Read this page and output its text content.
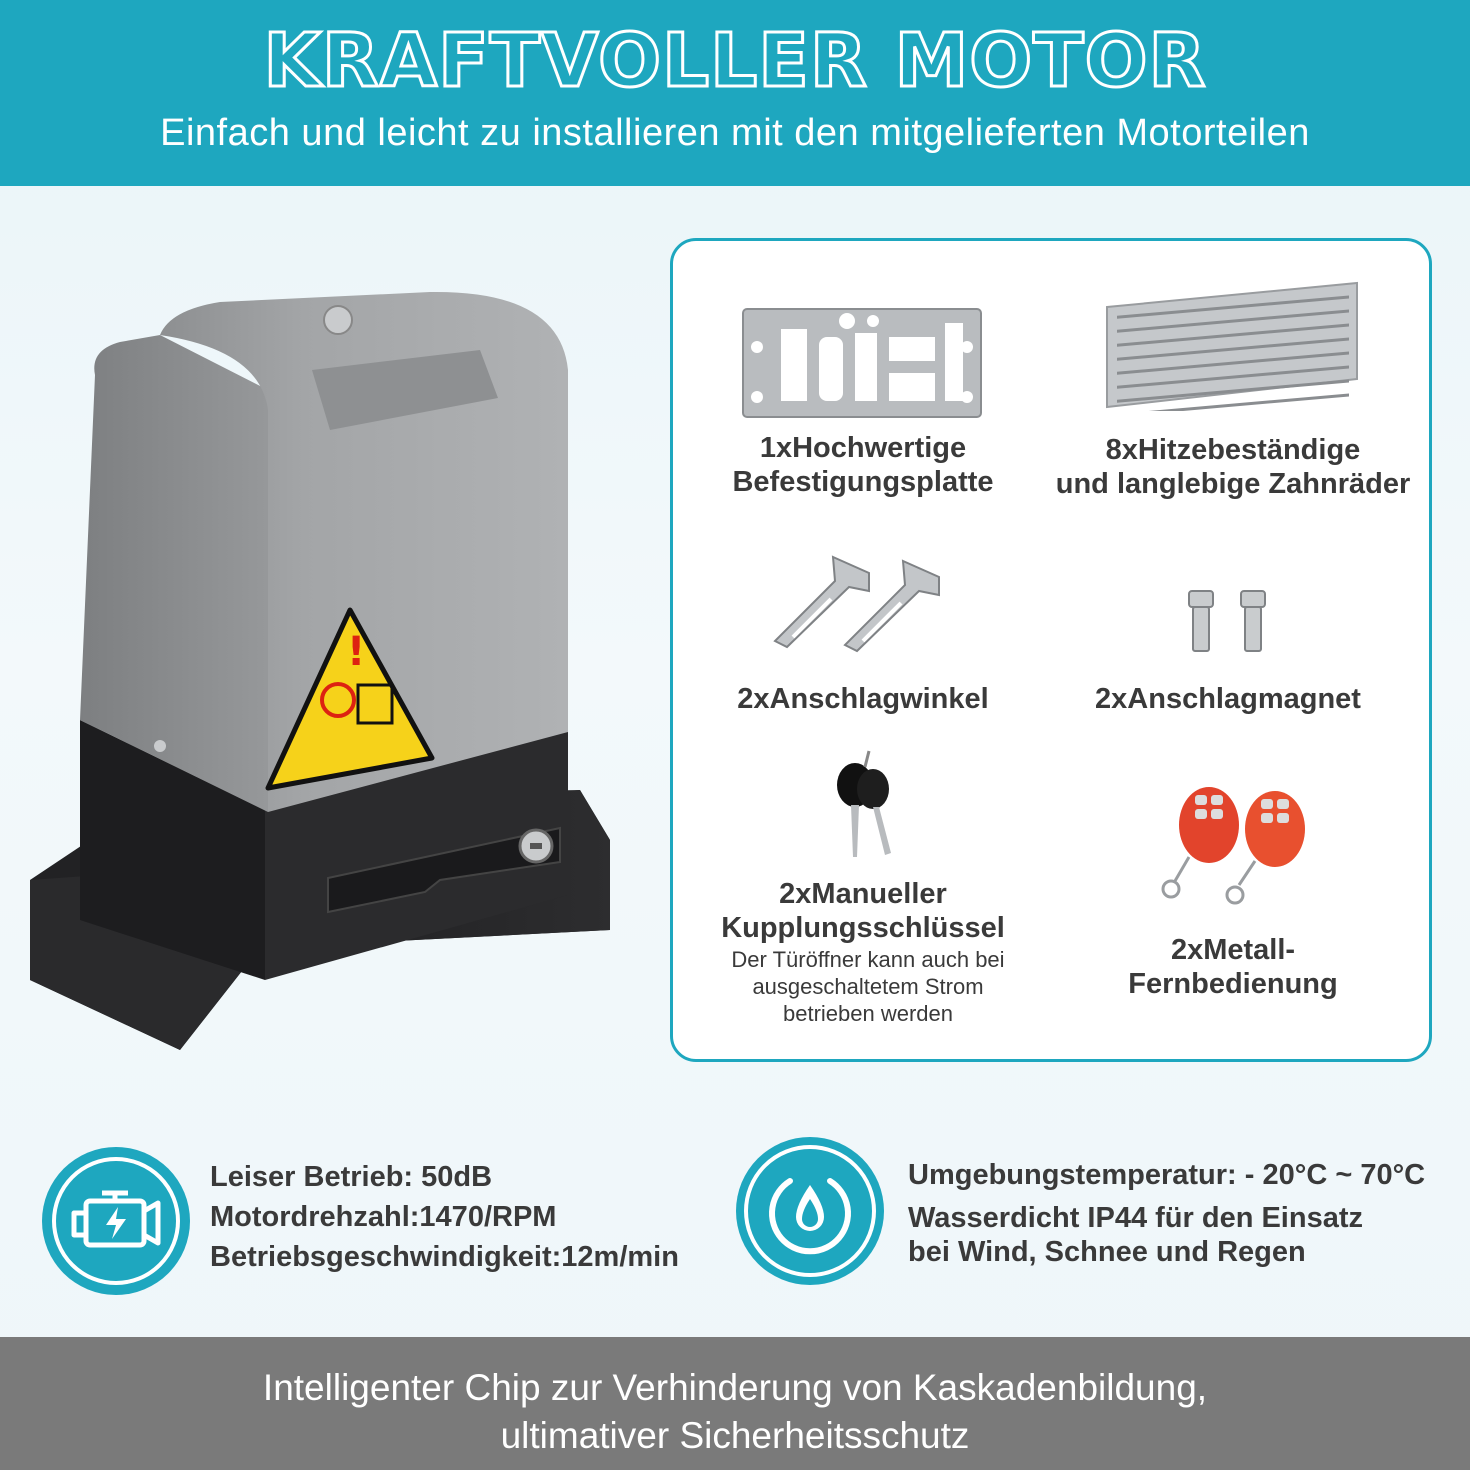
KRAFTVOLLER MOTOR
Einfach und leicht zu installieren mit den mitgelieferten Motorteilen
!
1xHochwertige
Befestigungsplatte
8xHitzebeständige
und langlebige Zahnräder
2xAnschlagwinkel	2xAnschlagmagnet
2xManueller
Kupplungsschlüssel
Der Türöffner kann auch bei
ausgeschaltetem Strom
betrieben werden
2xMetall-
Fernbedienung
Leiser Betrieb: 50dB
Motordrehzahl:1470/RPM
Betriebsgeschwindigkeit:12m/min
Umgebungstemperatur: - 20°C ~ 70°C
Wasserdicht IP44 für den Einsatz
bei Wind, Schnee und Regen
Intelligenter Chip zur Verhinderung von Kaskadenbildung,
ultimativer Sicherheitsschutz
